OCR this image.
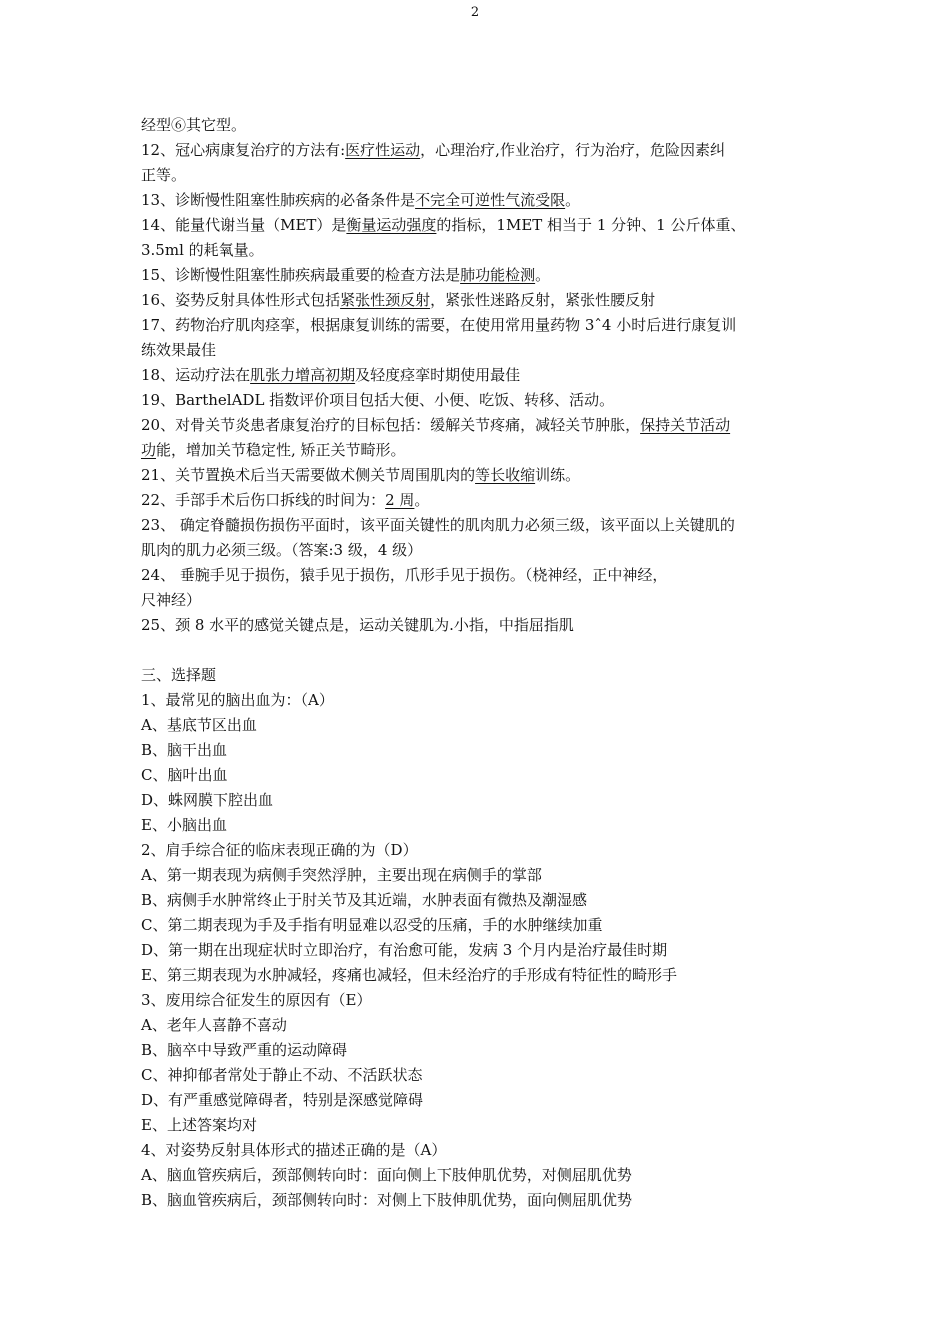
2
经型⑥其它型。
12、冠心病康复治疗的方法有:医疗性运动，心理治疗,作业治疗，行为治疗，危险因素纠
正等。
13、诊断慢性阻塞性肺疾病的必备条件是不完全可逆性气流受限。
14、能量代谢当量（MET）是衡量运动强度的指标，1MET 相当于 1 分钟、1 公斤体重、
3.5ml 的耗氧量。
15、诊断慢性阻塞性肺疾病最重要的检查方法是肺功能检测。
16、姿势反射具体性形式包括紧张性颈反射，紧张性迷路反射，紧张性腰反射
17、药物治疗肌肉痉挛，根据康复训练的需要，在使用常用量药物 3ˆ4 小时后进行康复训
练效果最佳
18、运动疗法在肌张力增高初期及轻度痉挛时期使用最佳
19、BarthelADL 指数评价项目包括大便、小便、吃饭、转移、活动。
20、对骨关节炎患者康复治疗的目标包括：缓解关节疼痛，减轻关节肿胀，保持关节活动
功能，增加关节稳定性, 矫正关节畸形。
21、关节置换术后当天需要做术侧关节周围肌肉的等长收缩训练。
22、手部手术后伤口拆线的时间为：2 周。
23、 确定脊髓损伤损伤平面时，该平面关键性的肌肉肌力必须三级，该平面以上关键肌的
肌肉的肌力必须三级。（答案:3 级，4 级）
24、 垂腕手见于损伤，猿手见于损伤，爪形手见于损伤。（桡神经，正中神经，
尺神经）
25、颈 8 水平的感觉关键点是，运动关键肌为.小指，中指屈指肌
三、选择题
1、最常见的脑出血为：（A）
A、基底节区出血
B、脑干出血
C、脑叶出血
D、蛛网膜下腔出血
E、小脑出血
2、肩手综合征的临床表现正确的为（D）
A、第一期表现为病侧手突然浮肿，主要出现在病侧手的掌部
B、病侧手水肿常终止于肘关节及其近端，水肿表面有微热及潮湿感
C、第二期表现为手及手指有明显难以忍受的压痛，手的水肿继续加重
D、第一期在出现症状时立即治疗，有治愈可能，发病 3 个月内是治疗最佳时期
E、第三期表现为水肿减轻，疼痛也减轻，但未经治疗的手形成有特征性的畸形手
3、废用综合征发生的原因有（E）
A、老年人喜静不喜动
B、脑卒中导致严重的运动障碍
C、神抑郁者常处于静止不动、不活跃状态
D、有严重感觉障碍者，特别是深感觉障碍
E、上述答案均对
4、对姿势反射具体形式的描述正确的是（A）
A、脑血管疾病后，颈部侧转向时：面向侧上下肢伸肌优势，对侧屈肌优势
B、脑血管疾病后，颈部侧转向时：对侧上下肢伸肌优势，面向侧屈肌优势
